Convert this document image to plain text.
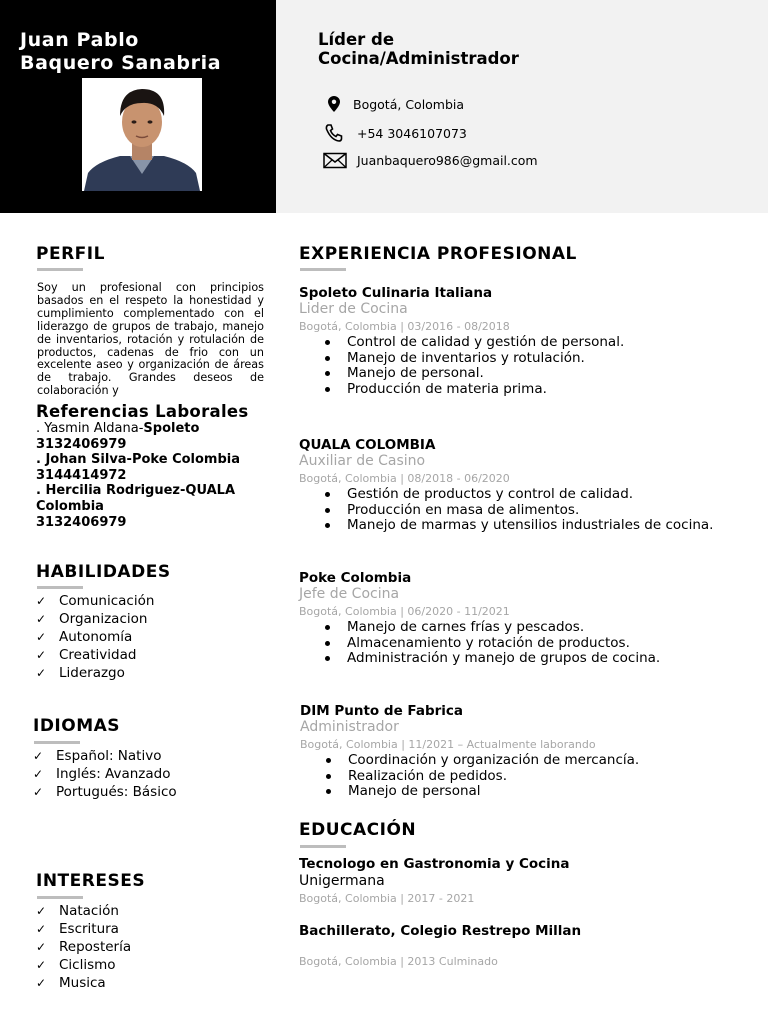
Juan Pablo
Baquero Sanabria
Líder de
Cocina/Administrador
Bogotá, Colombia
+54 3046107073
Juanbaquero986@gmail.com
PERFIL
Soy un profesional con principios basados en el respeto la honestidad y cumplimiento complementado con el liderazgo de grupos de trabajo, manejo de inventarios, rotación y rotulación de productos, cadenas de frio con un excelente aseo y organización de áreas de trabajo. Grandes deseos de colaboración y
Referencias Laborales
. Yasmin Aldana-Spoleto
3132406979
. Johan Silva-Poke Colombia
3144414972
. Hercilia Rodriguez-QUALA Colombia
3132406979
HABILIDADES
✓ Comunicación
✓ Organizacion
✓ Autonomía
✓ Creatividad
✓ Liderazgo
IDIOMAS
✓ Español: Nativo
✓ Inglés: Avanzado
✓ Portugués: Básico
INTERESES
✓ Natación
✓ Escritura
✓ Repostería
✓ Ciclismo
✓ Musica
EXPERIENCIA PROFESIONAL
Spoleto Culinaria Italiana
Lider de Cocina
Bogotá, Colombia | 03/2016 - 08/2018
Control de calidad y gestión de personal.
Manejo de inventarios y rotulación.
Manejo de personal.
Producción de materia prima.
QUALA COLOMBIA
Auxiliar de Casino
Bogotá, Colombia | 08/2018 - 06/2020
Gestión de productos y control de calidad.
Producción en masa de alimentos.
Manejo de marmas y utensilios industriales de cocina.
Poke Colombia
Jefe de Cocina
Bogotá, Colombia | 06/2020 - 11/2021
Manejo de carnes frías y pescados.
Almacenamiento y rotación de productos.
Administración y manejo de grupos de cocina.
DIM Punto de Fabrica
Administrador
Bogotá, Colombia | 11/2021 – Actualmente laborando
Coordinación y organización de mercancía.
Realización de pedidos.
Manejo de personal
EDUCACIÓN
Tecnologo en Gastronomia y Cocina
Unigermana
Bogotá, Colombia | 2017 - 2021
Bachillerato, Colegio Restrepo Millan
Bogotá, Colombia | 2013 Culminado
